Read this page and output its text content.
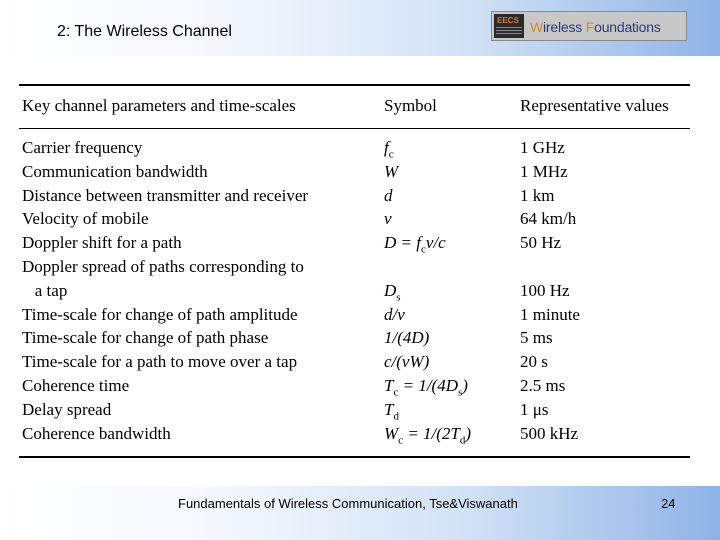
2: The Wireless Channel
EECS Wireless Foundations
Key channel parameters and time-scales	Symbol	Representative values
Carrier frequency	$f_c$	1 GHz
Communication bandwidth	W	1 MHz
Distance between transmitter and receiver	d	1 km
Velocity of mobile	v	64 km/h
Doppler shift for a path	$D = f_cv/c$	50 Hz
Doppler spread of paths corresponding to
a tap	$D_s$	100 Hz
Time-scale for change of path amplitude	d/v	1 minute
Time-scale for change of path phase	1/(4D)	5 ms
Time-scale for a path to move over a tap	c/(vW)	20 s
Coherence time	$T_c = 1/(4D_s)$	2.5 ms
Delay spread	$T_d$	1 μs
Coherence bandwidth	$W_c = 1/(2T_d)$	500 kHz
Fundamentals of Wireless Communication, Tse&Viswanath	24
